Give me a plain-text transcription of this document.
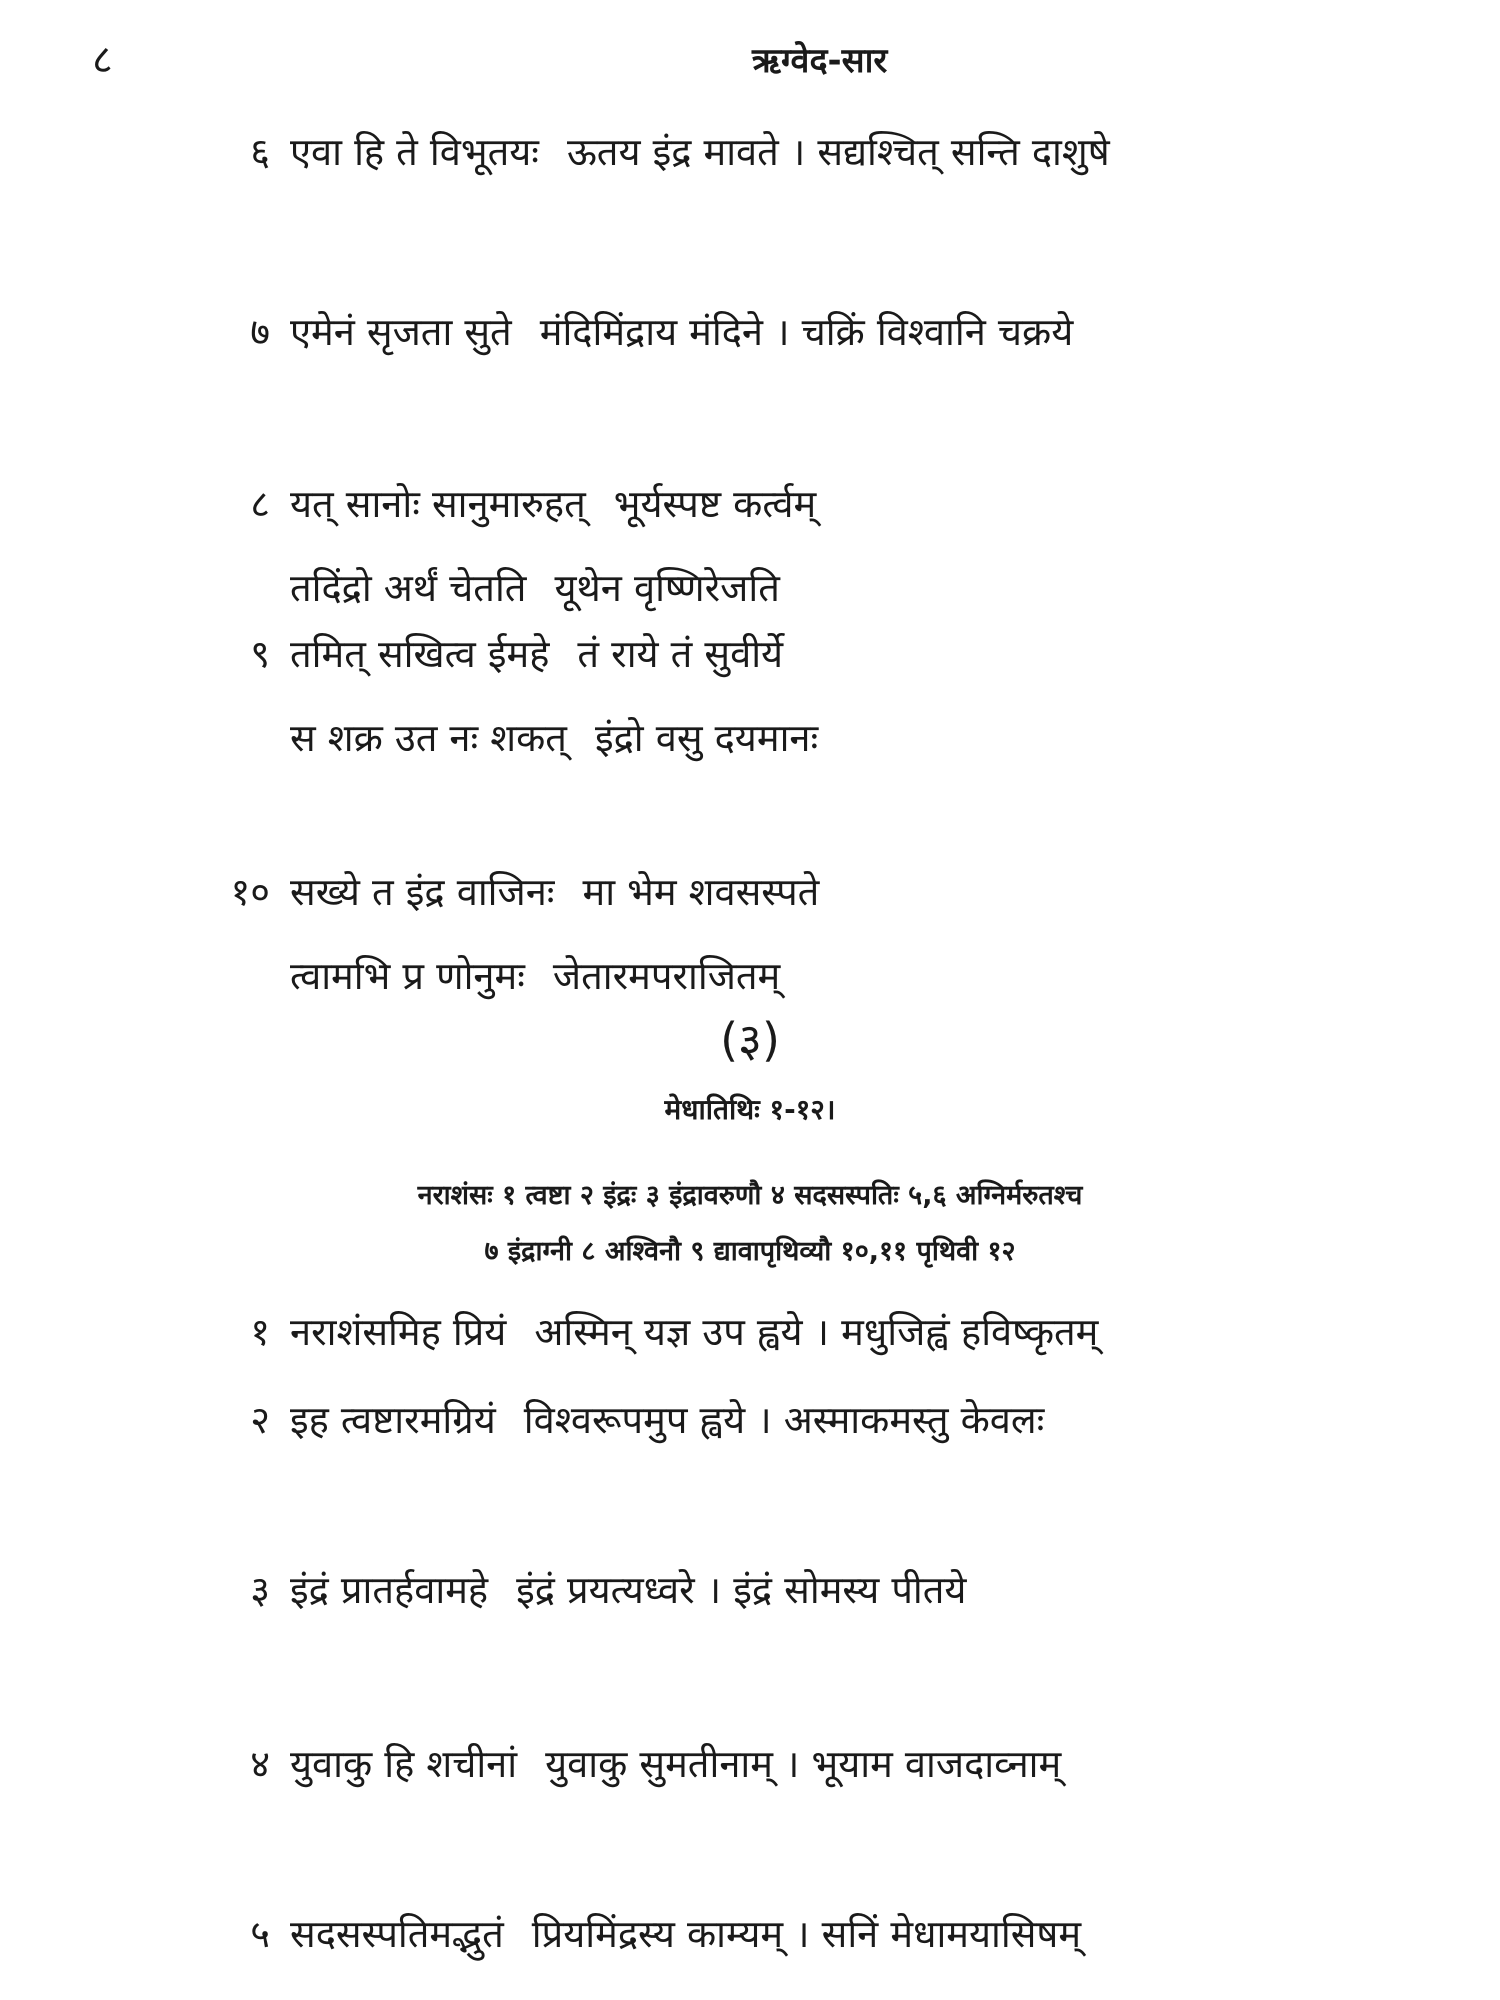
८	ऋग्वेद-सार
६ एवा हि ते विभूतयः ऊतय इंद्र मावते । सद्यश्चित् सन्ति दाशुषे
७ एमेनं सृजता सुते मंदिमिंद्राय मंदिने । चक्रिं विश्वानि चक्रये
८ यत् सानोः सानुमारुहत् भूर्यस्पष्ट कर्त्वम्
तदिंद्रो अर्थं चेतति यूथेन वृष्णिरेजति
९ तमित् सखित्व ईमहे तं राये तं सुवीर्ये
स शक्र उत नः शकत् इंद्रो वसु दयमानः
१० सख्ये त इंद्र वाजिनः मा भेम शवसस्पते
त्वामभि प्र णोनुमः जेतारमपराजितम्
(३)
मेधातिथिः १-१२।
नराशंसः १ त्वष्टा २ इंद्रः ३ इंद्रावरुणौ ४ सदसस्पतिः ५,६ अग्निर्मरुतश्च
७ इंद्राग्नी ८ अश्विनौ ९ द्यावापृथिव्यौ १०,११ पृथिवी १२
१ नराशंसमिह प्रियं अस्मिन् यज्ञ उप ह्वये । मधुजिह्वं हविष्कृतम्
२ इह त्वष्टारमग्रियं विश्वरूपमुप ह्वये । अस्माकमस्तु केवलः
३ इंद्रं प्रातर्हवामहे इंद्रं प्रयत्यध्वरे । इंद्रं सोमस्य पीतये
४ युवाकु हि शचीनां युवाकु सुमतीनाम् । भूयाम वाजदाव्नाम्
५ सदसस्पतिमद्भुतं प्रियमिंद्रस्य काम्यम् । सनिं मेधामयासिषम्
